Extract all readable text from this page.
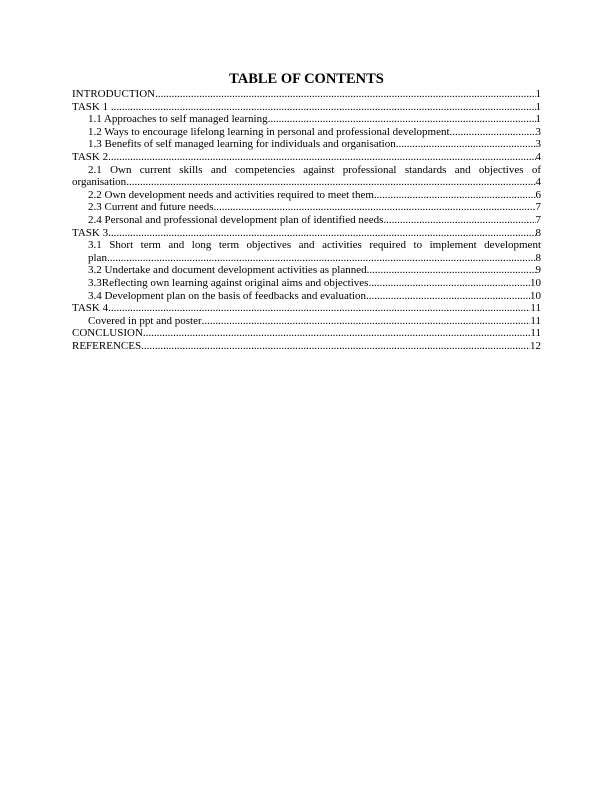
TABLE OF CONTENTS
INTRODUCTION .....	1
TASK 1 .....	1
1.1 Approaches to self managed learning .....	1
1.2 Ways to encourage lifelong learning in personal and professional development .....	3
1.3 Benefits of self managed learning for individuals and organisation .....	3
TASK 2 .....	4
2.1 Own current skills and competencies against professional standards and objectives of
organisation .....	4
2.2 Own development needs and activities required to meet them .....	6
2.3 Current and future needs .....	7
2.4 Personal and professional development plan of identified needs .....	7
TASK 3 .....	8
3.1 Short term and long term objectives and activities required to implement development
plan .....	8
3.2 Undertake and document development activities as planned .....	9
3.3Reflecting own learning against original aims and objectives .....	10
3.4 Development plan on the basis of feedbacks and evaluation .....	10
TASK 4 .....	11
Covered in ppt and poster .....	11
CONCLUSION .....	11
REFERENCES .....	12
